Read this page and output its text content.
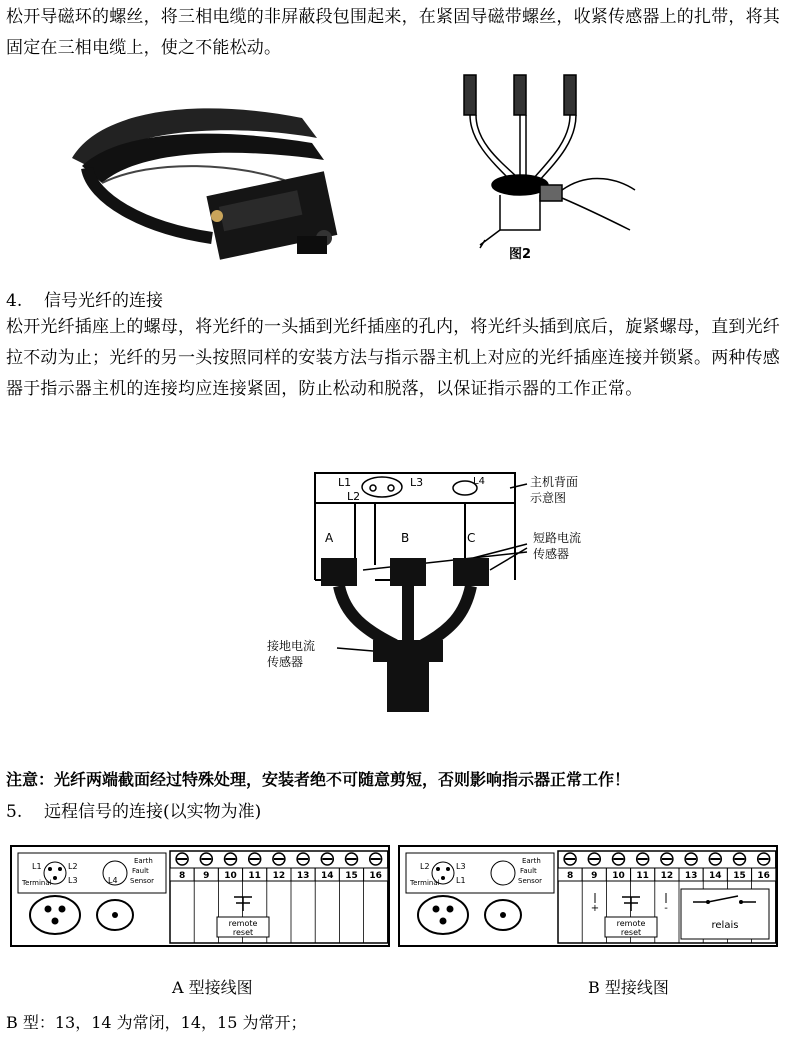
松开导磁环的螺丝，将三相电缆的非屏蔽段包围起来，在紧固导磁带螺丝，收紧传感器上的扎带，将其固定在三相电缆上，使之不能松动。
图2
4. 信号光纤的连接
松开光纤插座上的螺母，将光纤的一头插到光纤插座的孔内，将光纤头插到底后，旋紧螺母，直到光纤拉不动为止；光纤的另一头按照同样的安装方法与指示器主机上对应的光纤插座连接并锁紧。两种传感器于指示器主机的连接均应连接紧固，防止松动和脱落，以保证指示器的工作正常。
L1
L2
L3	L4	主机背面
示意图
A	B	C	短路电流
传感器
接地电流
传感器
注意：光纤两端截面经过特殊处理，安装者绝不可随意剪短，否则影响指示器正常工作！
5. 远程信号的连接(以实物为准)
L1	L2
L3	L4
Terminal
Earth
Fault
Sensor	8 9 10 11 12 13 14 15 16
remote
reset
L2	L3
L1
Terminal
Earth
Fault
Sensor	8 9 10 11 12 13 14 15 16
remote
reset
+	-
relais
A 型接线图	B 型接线图
B 型：13，14 为常闭，14，15 为常开；
